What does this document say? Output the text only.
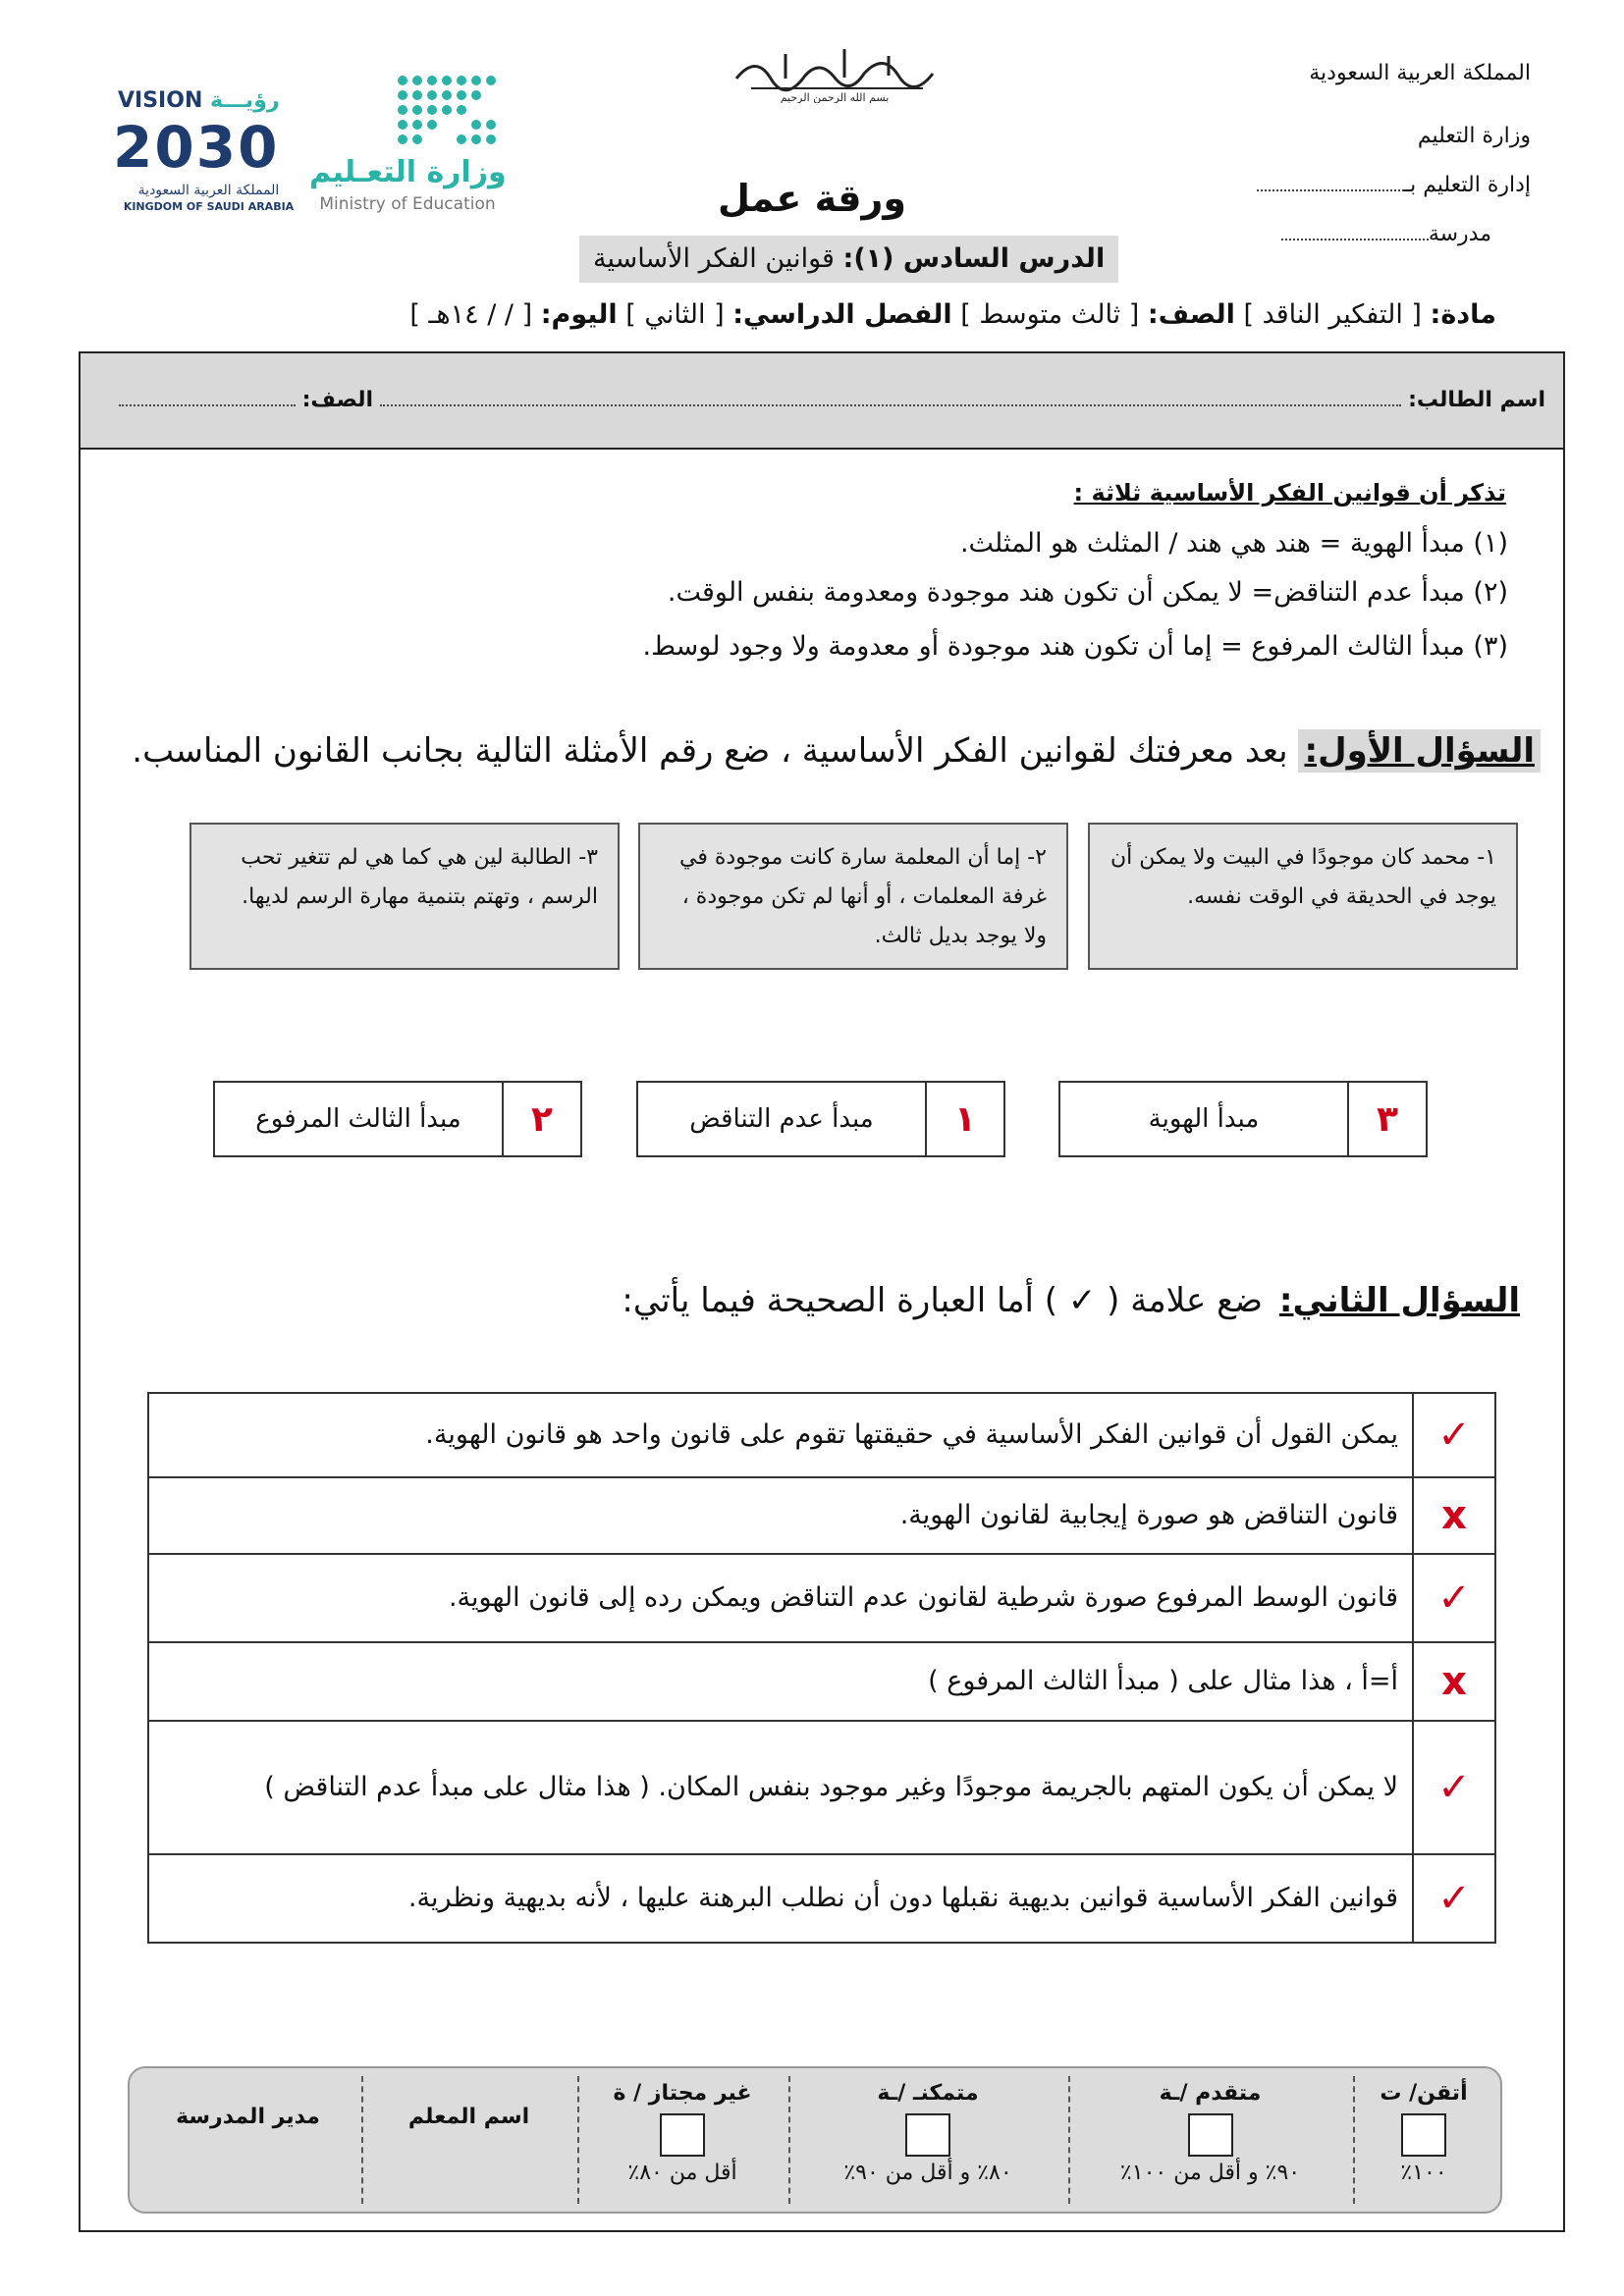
المملكة العربية السعودية
وزارة التعليم
إدارة التعليم بـ
مدرسة
بسم الله الرحمن الرحيم
وزارة التعـليم
Ministry of Education
VISION رؤيـــة
2030
المملكة العربية السعودية
KINGDOM OF SAUDI ARABIA	ورقة عمل
الدرس السادس (١): قوانين الفكر الأساسية
مادة: [ التفكير الناقد ] الصف: [ ثالث متوسط ] الفصل الدراسي: [ الثاني ] اليوم: [ / / ١٤هـ ]
اسم الطالب:  الصف:
تذكر أن قوانين الفكر الأساسية ثلاثة :
(١) مبدأ الهوية = هند هي هند / المثلث هو المثلث.
(٢) مبدأ عدم التناقض= لا يمكن أن تكون هند موجودة ومعدومة بنفس الوقت.
(٣) مبدأ الثالث المرفوع = إما أن تكون هند موجودة أو معدومة ولا وجود لوسط.
السؤال الأول: بعد معرفتك لقوانين الفكر الأساسية ، ضع رقم الأمثلة التالية بجانب القانون المناسب.
١- محمد كان موجودًا في البيت ولا يمكن أن يوجد في الحديقة في الوقت نفسه.
٢- إما أن المعلمة سارة كانت موجودة في غرفة المعلمات ، أو أنها لم تكن موجودة ، ولا يوجد بديل ثالث.
٣- الطالبة لين هي كما هي لم تتغير تحب الرسم ، وتهتم بتنمية مهارة الرسم لديها.
٣
مبدأ الهوية
١
مبدأ عدم التناقض
٢
مبدأ الثالث المرفوع
السؤال الثاني: ضع علامة ( ✓ ) أما العبارة الصحيحة فيما يأتي:
✓	يمكن القول أن قوانين الفكر الأساسية في حقيقتها تقوم على قانون واحد هو قانون الهوية.
x	قانون التناقض هو صورة إيجابية لقانون الهوية.
✓	قانون الوسط المرفوع صورة شرطية لقانون عدم التناقض ويمكن رده إلى قانون الهوية.
x	أ=أ ، هذا مثال على ( مبدأ الثالث المرفوع )
✓	لا يمكن أن يكون المتهم بالجريمة موجودًا وغير موجود بنفس المكان. ( هذا مثال على مبدأ عدم التناقض )
✓	قوانين الفكر الأساسية قوانين بديهية نقبلها دون أن نطلب البرهنة عليها ، لأنه بديهية ونظرية.
أتقن/ ت
١٠٠٪
متقدم /ـة
٩٠٪ و أقل من ١٠٠٪
متمكنـ /ـة
٨٠٪ و أقل من ٩٠٪
غير مجتاز / ة
أقل من ٨٠٪
اسم المعلم
مدير المدرسة
